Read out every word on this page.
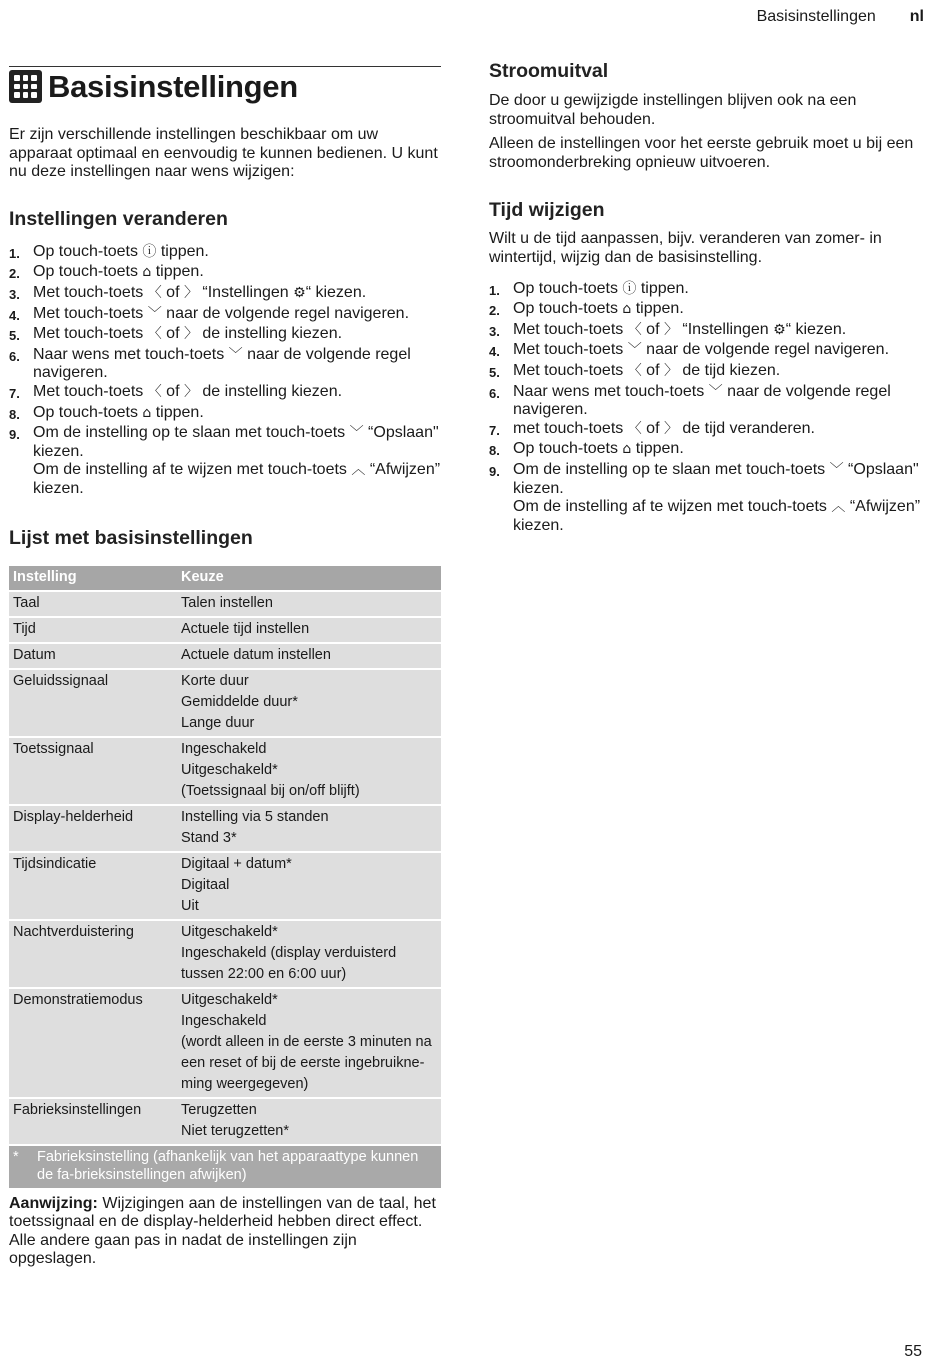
Basisinstellingen nl
Basisinstellingen

Er zijn verschillende instellingen beschikbaar om uw apparaat optimaal en eenvoudig te kunnen bedienen. U kunt nu deze instellingen naar wens wijzigen:

Instellingen veranderen
1. Op touch-toets ⓘ tippen.
2. Op touch-toets ⌂ tippen.
3. Met touch-toets 〈 of 〉 “Instellingen ⚙“ kiezen.
4. Met touch-toets ﹀ naar de volgende regel navigeren.
5. Met touch-toets 〈 of 〉 de instelling kiezen.
6. Naar wens met touch-toets ﹀ naar de volgende regel navigeren.
7. Met touch-toets 〈 of 〉 de instelling kiezen.
8. Op touch-toets ⌂ tippen.
9. Om de instelling op te slaan met touch-toets ﹀ “Opslaan" kiezen.
Om de instelling af te wijzen met touch-toets ︿ “Afwijzen” kiezen.
Lijst met basisinstellingen
Instelling	Keuze
Taal	Talen instellen

Tijd	Actuele tijd instellen

Datum	Actuele datum instellen

Geluidssignaal	Korte duur
Gemiddelde duur*
Lange duur

Toetssignaal	Ingeschakeld
Uitgeschakeld*
(Toetssignaal bij on/off blijft)

Display-helderheid	Instelling via 5 standen
Stand 3*

Tijdsindicatie	Digitaal + datum*
Digitaal
Uit

Nachtverduistering	Uitgeschakeld*
Ingeschakeld (display verduisterd tussen 22:00 en 6:00 uur)

Demonstratiemodus	Uitgeschakeld*
Ingeschakeld
(wordt alleen in de eerste 3 minuten na een reset of bij de eerste ingebruikne-ming weergegeven)

Fabrieksinstellingen	Terugzetten
Niet terugzetten*

* Fabrieksinstelling (afhankelijk van het apparaattype kunnen de fa-brieksinstellingen afwijken)	

Aanwijzing: Wijzigingen aan de instellingen van de taal, het toetssignaal en de display-helderheid hebben direct effect. Alle andere gaan pas in nadat de instellingen zijn opgeslagen.

Stroomuitval

De door u gewijzigde instellingen blijven ook na een stroomuitval behouden.

Alleen de instellingen voor het eerste gebruik moet u bij een stroomonderbreking opnieuw uitvoeren.

Tijd wijzigen

Wilt u de tijd aanpassen, bijv. veranderen van zomer- in wintertijd, wijzig dan de basisinstelling.

1. Op touch-toets ⓘ tippen.
2. Op touch-toets ⌂ tippen.
3. Met touch-toets 〈 of 〉 “Instellingen ⚙“ kiezen.
4. Met touch-toets ﹀ naar de volgende regel navigeren.
5. Met touch-toets 〈 of 〉 de tijd kiezen.
6. Naar wens met touch-toets ﹀ naar de volgende regel navigeren.
7. met touch-toets 〈 of 〉 de tijd veranderen.
8. Op touch-toets ⌂ tippen.
9. Om de instelling op te slaan met touch-toets ﹀ “Opslaan" kiezen.
Om de instelling af te wijzen met touch-toets ︿ “Afwijzen” kiezen.
55
